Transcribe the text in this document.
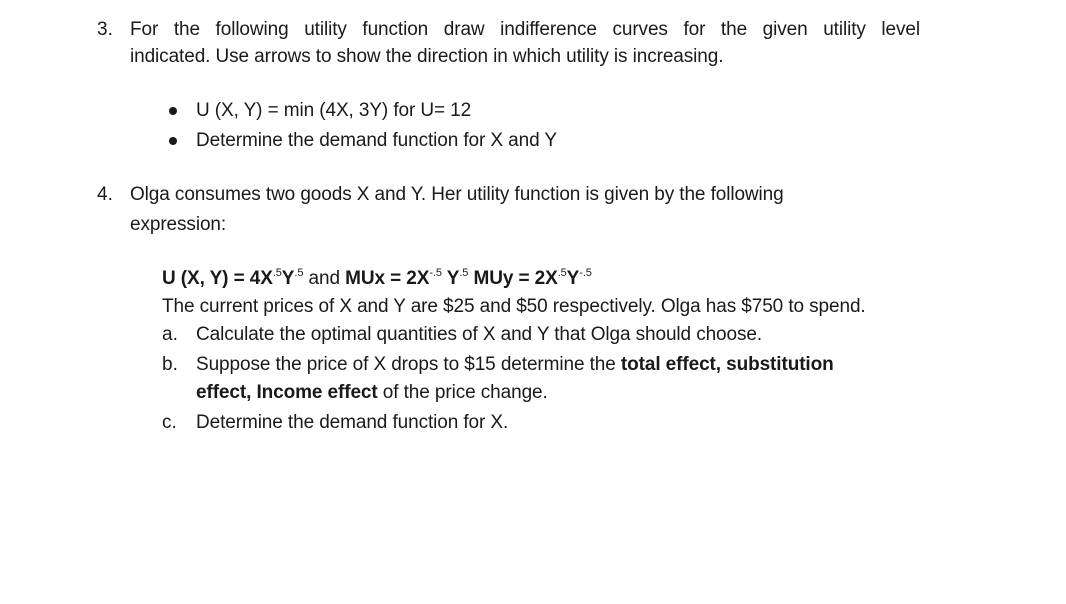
3. For the following utility function draw indifference curves for the given utility level
indicated. Use arrows to show the direction in which utility is increasing.
U (X, Y) = min (4X, 3Y) for U= 12
Determine the demand function for X and Y
4. Olga consumes two goods X and Y. Her utility function is given by the following
expression:
U (X, $Y) = 4X^{.5}Y^{.5}$ and MUx = $2X^{-.5}$ $Y^{.5}$ MUy = $2X^{.5}Y^{-.5}$
The current prices of X and Y are $25 and $50 respectively. Olga has $750 to spend.
a. Calculate the optimal quantities of X and Y that Olga should choose.
b. Suppose the price of X drops to $15 determine the total effect, substitution
effect, Income effect of the price change.
c. Determine the demand function for X.
